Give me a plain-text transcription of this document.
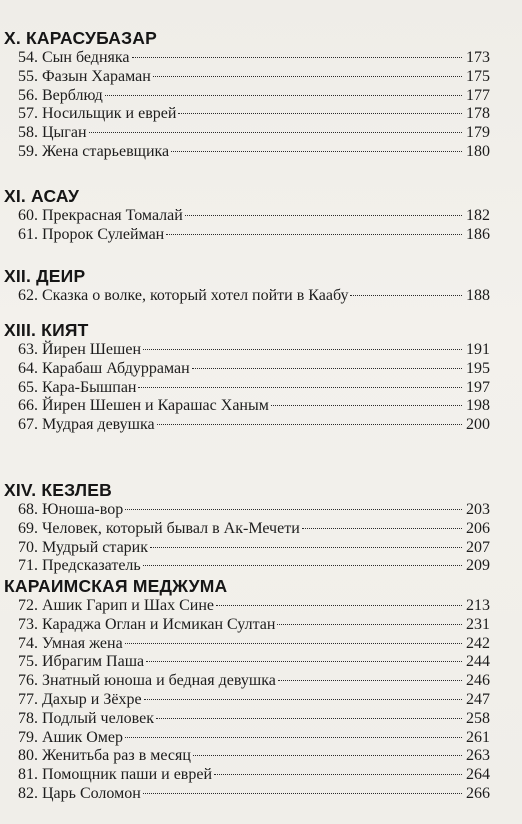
X. КАРАСУБАЗАР
54. Сын бедняка	173
55. Фазын Хараман	175
56. Верблюд	177
57. Носильщик и еврей	178
58. Цыган	179
59. Жена старьевщика	180
XI. АСАУ
60. Прекрасная Томалай	182
61. Пророк Сулейман	186
XII. ДЕИР
62. Сказка о волке, который хотел пойти в Каабу	188
XIII. КИЯТ
63. Йирен Шешен	191
64. Карабаш Абдурраман	195
65. Кара-Бышпан	197
66. Йирен Шешен и Карашас Ханым	198
67. Мудрая девушка	200
XIV. КЕЗЛЕВ
68. Юноша-вор	203
69. Человек, который бывал в Ак-Мечети	206
70. Мудрый старик	207
71. Предсказатель	209
КАРАИМСКАЯ МЕДЖУМА
72. Ашик Гарип и Шах Сине	213
73. Караджа Оглан и Исмикан Султан	231
74. Умная жена	242
75. Ибрагим Паша	244
76. Знатный юноша и бедная девушка	246
77. Дахыр и Зёхре	247
78. Подлый человек	258
79. Ашик Омер	261
80. Женитьба раз в месяц	263
81. Помощник паши и еврей	264
82. Царь Соломон	266
